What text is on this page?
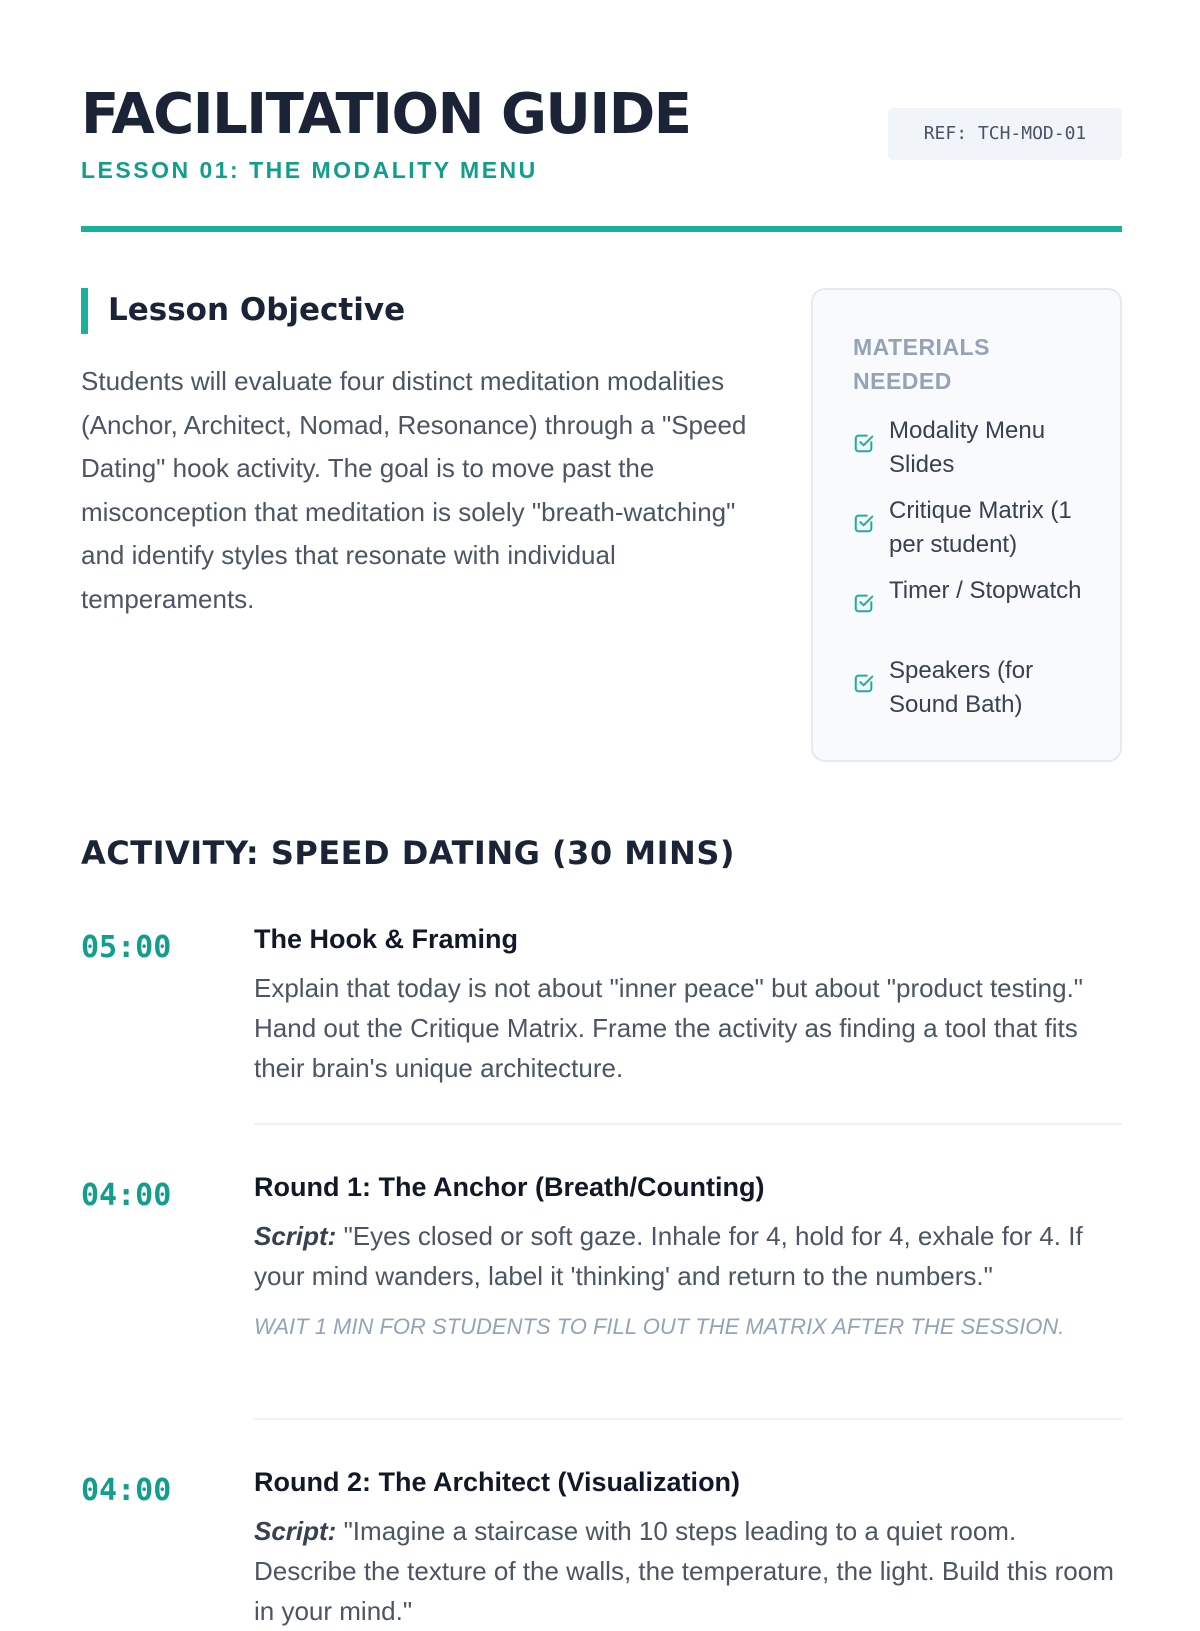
FACILITATION GUIDE
LESSON 01: THE MODALITY MENU
REF: TCH-MOD-01
Lesson Objective

Students will evaluate four distinct meditation modalities (Anchor, Architect, Nomad, Resonance) through a "Speed Dating" hook activity. The goal is to move past the misconception that meditation is solely "breath-watching" and identify styles that resonate with individual temperaments.

MATERIALS NEEDED
Modality Menu Slides
Critique Matrix (1 per student)
Timer / Stopwatch
Speakers (for Sound Bath)
ACTIVITY: SPEED DATING (30 MINS)
05:00	The Hook & Framing

Explain that today is not about "inner peace" but about "product testing." Hand out the Critique Matrix. Frame the activity as finding a tool that fits their brain's unique architecture.

04:00	Round 1: The Anchor (Breath/Counting)

Script: "Eyes closed or soft gaze. Inhale for 4, hold for 4, exhale for 4. If your mind wanders, label it 'thinking' and return to the numbers."

WAIT 1 MIN FOR STUDENTS TO FILL OUT THE MATRIX AFTER THE SESSION.

04:00	Round 2: The Architect (Visualization)

Script: "Imagine a staircase with 10 steps leading to a quiet room. Describe the texture of the walls, the temperature, the light. Build this room in your mind."
